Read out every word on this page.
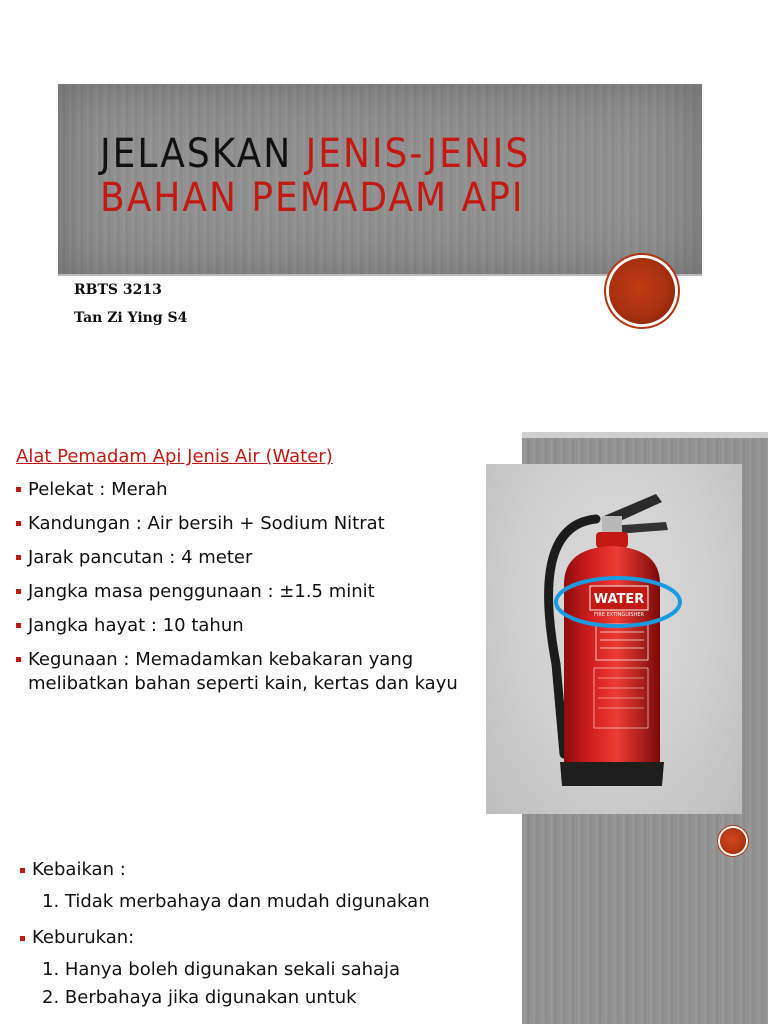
JELASKAN JENIS-JENIS BAHAN PEMADAM API
RBTS 3213
Tan Zi Ying S4
WATER
FIRE EXTINGUISHER
Alat Pemadam Api Jenis Air (Water)
Pelekat : Merah
Kandungan : Air bersih + Sodium Nitrat
Jarak pancutan : 4 meter
Jangka masa penggunaan : ±1.5 minit
Jangka hayat : 10 tahun
Kegunaan : Memadamkan kebakaran yang melibatkan bahan seperti kain, kertas dan kayu
Kebaikan :
1. Tidak merbahaya dan mudah digunakan
Keburukan:
1. Hanya boleh digunakan sekali sahaja
2. Berbahaya jika digunakan untuk
